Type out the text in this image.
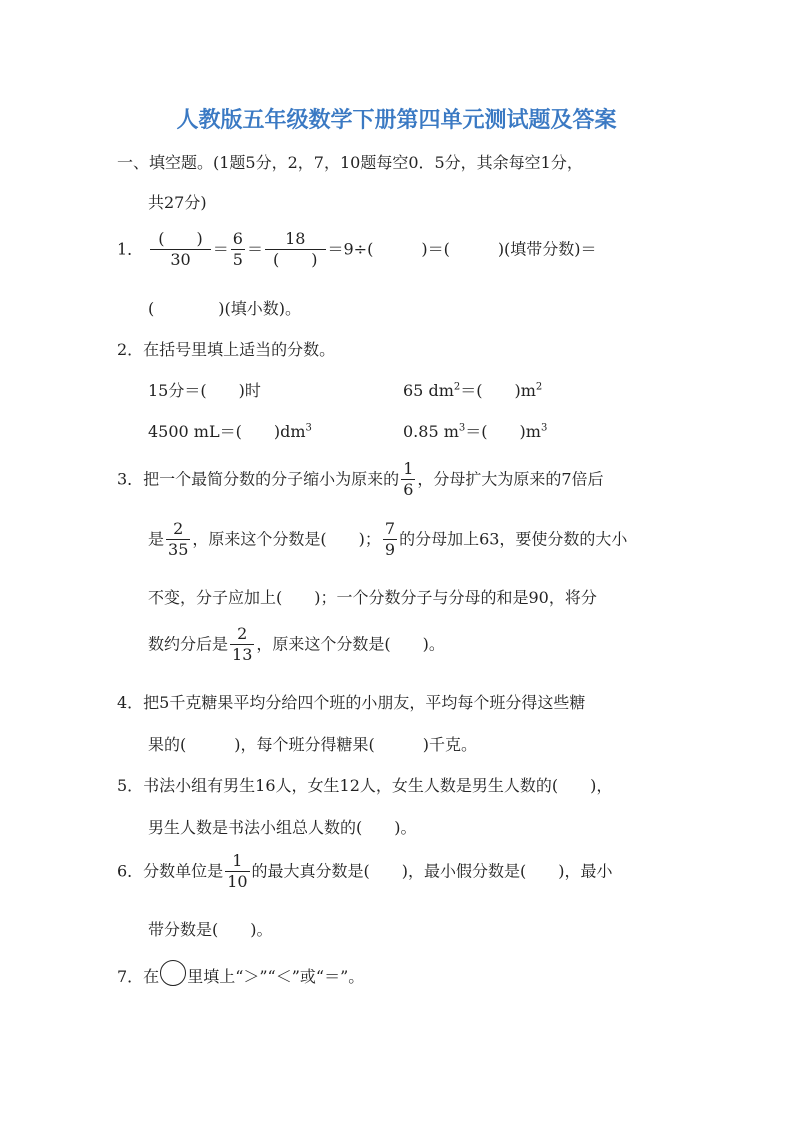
人教版五年级数学下册第四单元测试题及答案
一、填空题。(1题5分，2，7，10题每空0．5分，其余每空1分，
共27分)
1． $\frac{( )}{30} = \frac{6}{5} = \frac{18}{( )} =9\div$(　　　)＝(　　　)(填带分数)＝
(　　　　)(填小数)。
2．在括号里填上适当的分数。
15分＝(　　)时	65 $dm^2=$(　　)$m^2$
4500 mL＝(　　)$dm^3$	0.85 $m^3=$(　　)$m^3$
3．把一个最简分数的分子缩小为原来的 $\frac{1}{6}$ ，分母扩大为原来的7倍后
是 $\frac{2}{35}$ ，原来这个分数是(　　)； $\frac{7}{9}$ 的分母加上63，要使分数的大小
不变，分子应加上(　　)；一个分数分子与分母的和是90，将分
数约分后是 $\frac{2}{13}$ ，原来这个分数是(　　)。
4．把5千克糖果平均分给四个班的小朋友，平均每个班分得这些糖
果的(　　　)，每个班分得糖果(　　　)千克。
5．书法小组有男生16人，女生12人，女生人数是男生人数的(　　)，
男生人数是书法小组总人数的(　　)。
6．分数单位是 $\frac{1}{10}$ 的最大真分数是(　　)，最小假分数是(　　)，最小
带分数是(　　)。
7．在 里填上“＞”“＜”或“＝”。
